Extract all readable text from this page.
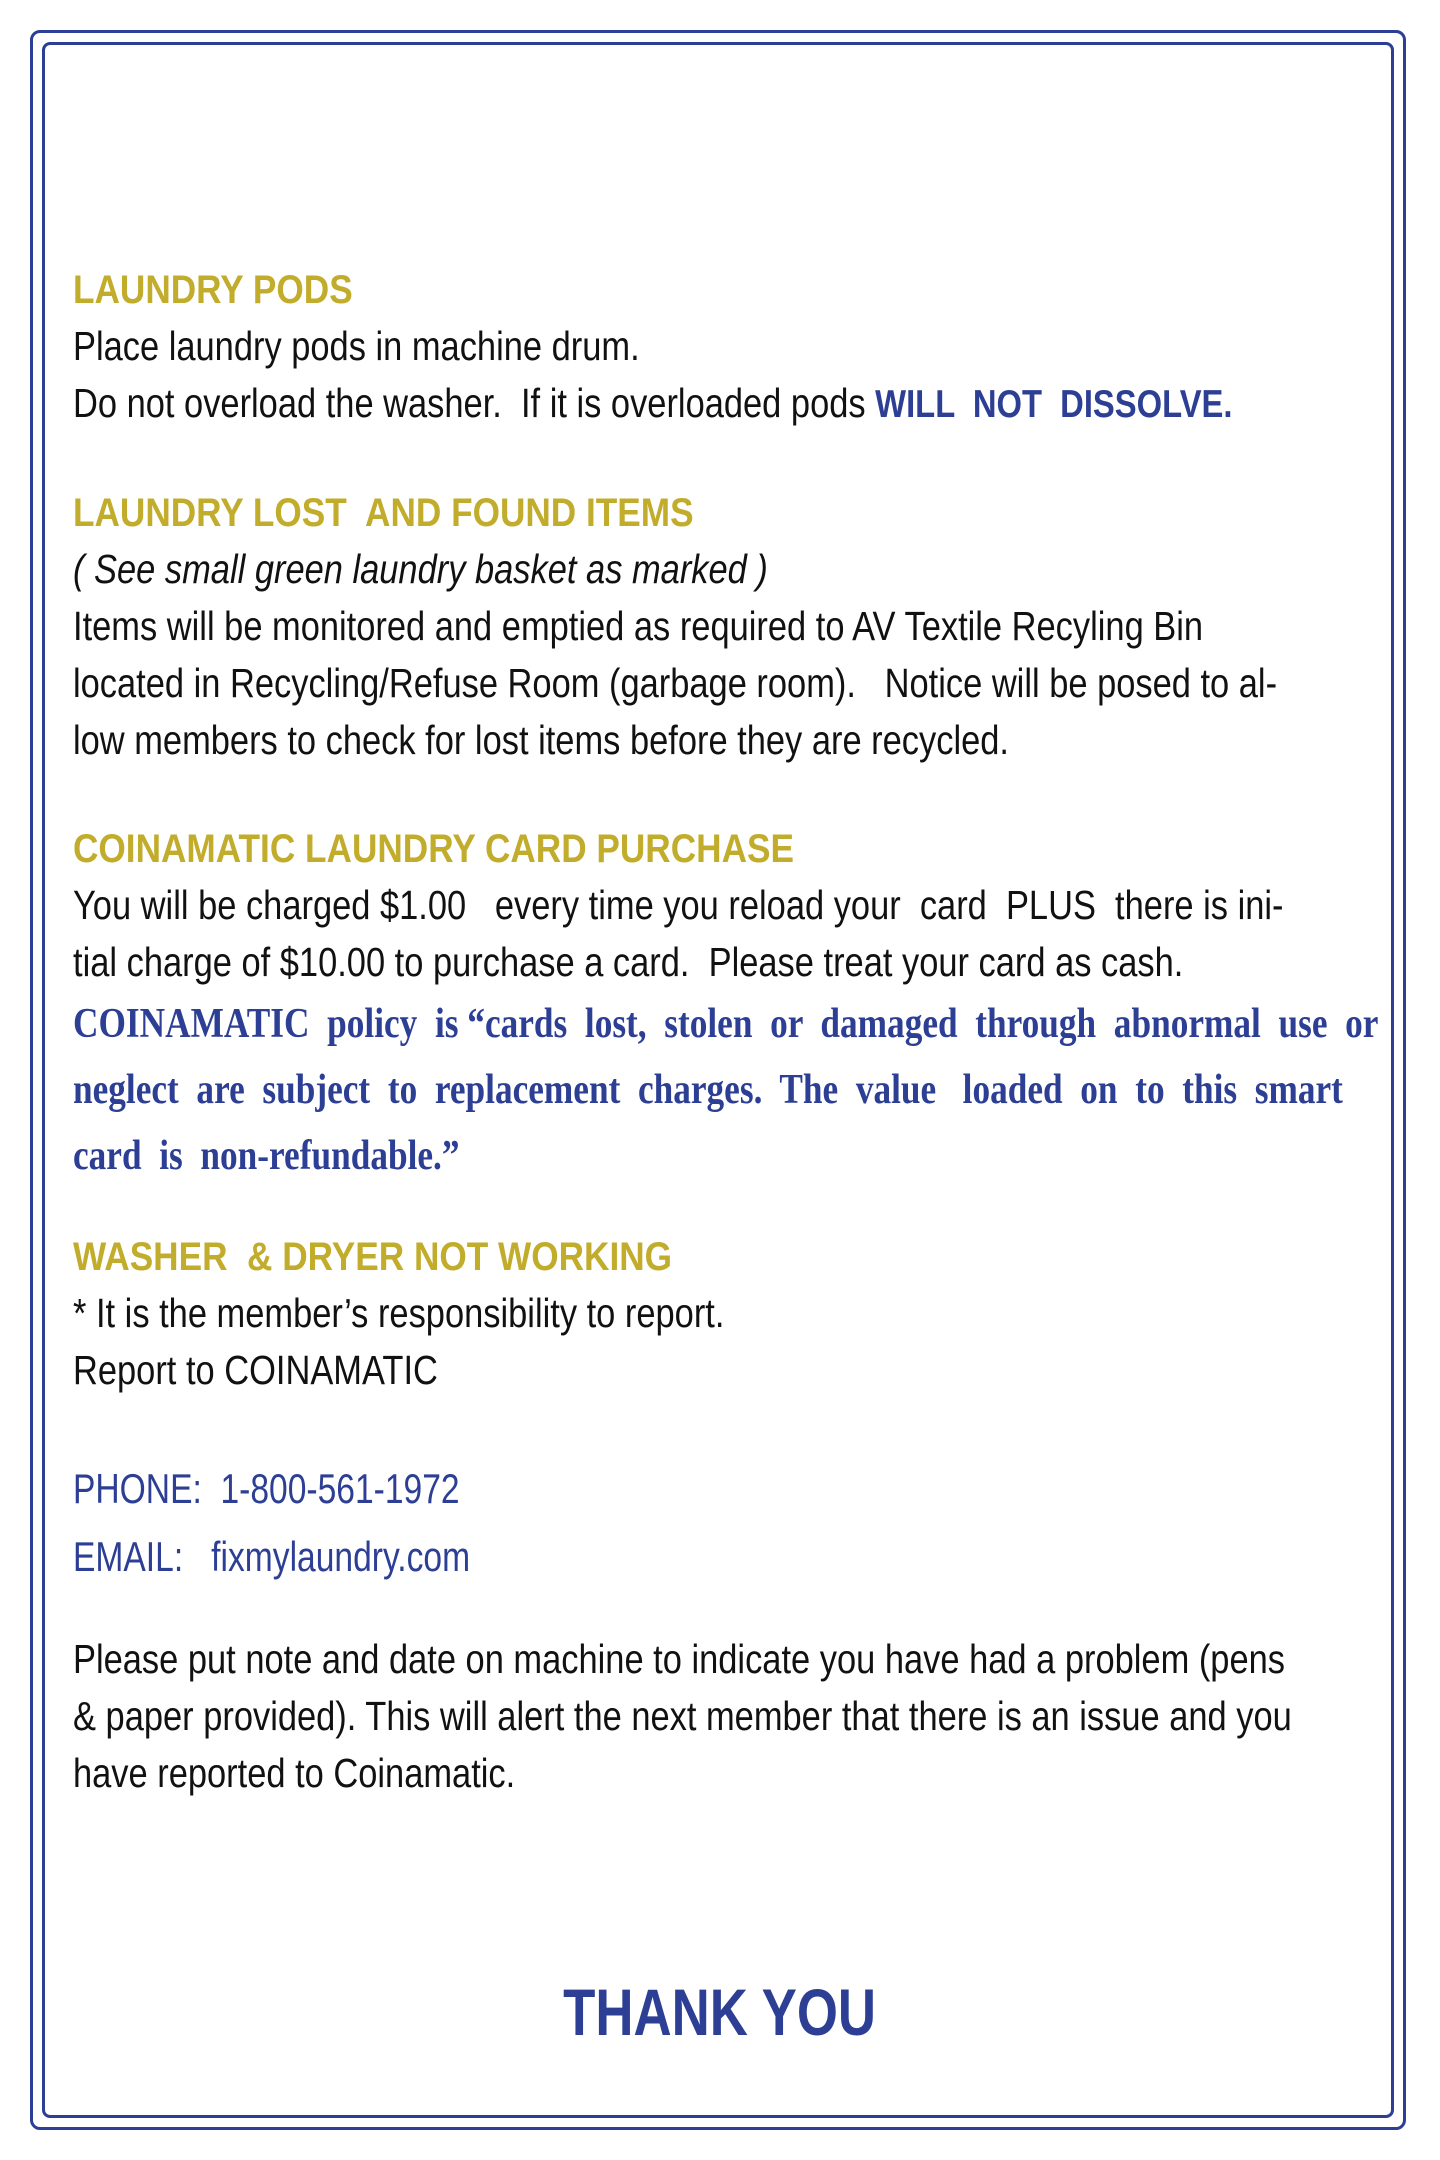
LAUNDRY PODS
Place laundry pods in machine drum.
Do not overload the washer.  If it is overloaded pods WILL  NOT  DISSOLVE.
LAUNDRY LOST  AND FOUND ITEMS
( See small green laundry basket as marked )
Items will be monitored and emptied as required to AV Textile Recyling Bin
located in Recycling/Refuse Room (garbage room).   Notice will be posed to al-
low members to check for lost items before they are recycled.
COINAMATIC LAUNDRY CARD PURCHASE
You will be charged $1.00   every time you reload your  card  PLUS  there is ini-
tial charge of $10.00 to purchase a card.  Please treat your card as cash.
COINAMATIC  policy  is “cards  lost,  stolen  or  damaged  through  abnormal  use  or
neglect  are  subject  to  replacement  charges.  The  value   loaded  on  to  this  smart
card  is  non-refundable.”
WASHER  & DRYER NOT WORKING
* It is the member’s responsibility to report.
Report to COINAMATIC
PHONE:  1-800-561-1972
EMAIL:   fixmylaundry.com
Please put note and date on machine to indicate you have had a problem (pens
& paper provided). This will alert the next member that there is an issue and you
have reported to Coinamatic.
THANK YOU
